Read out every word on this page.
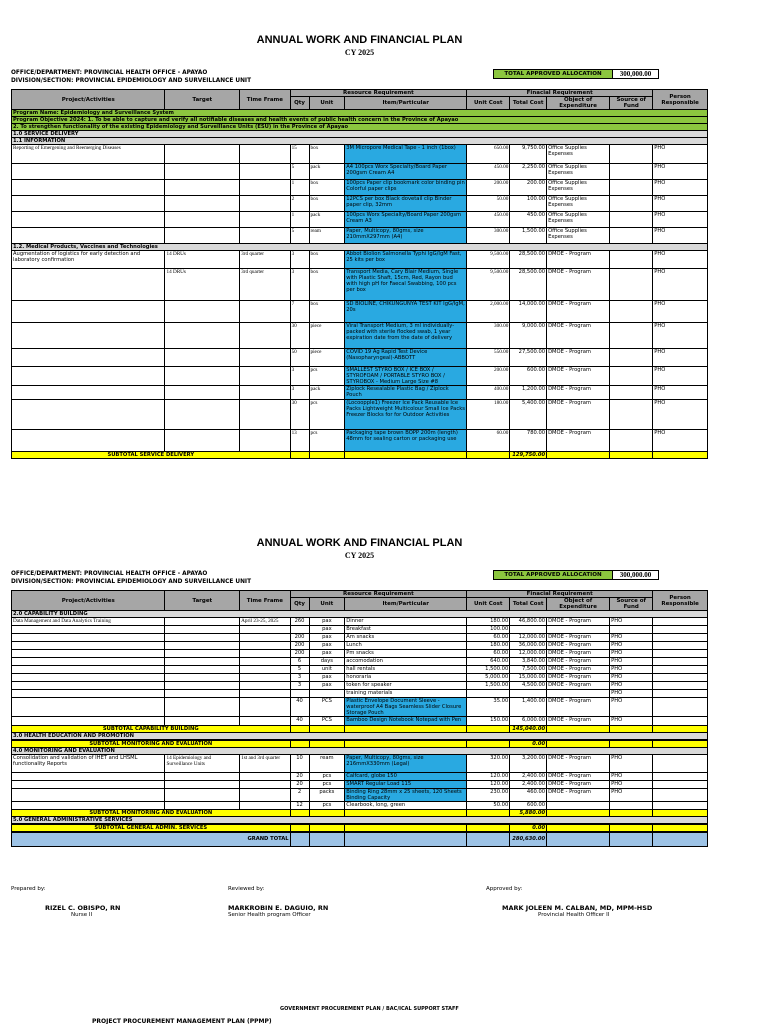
ANNUAL WORK AND FINANCIAL PLAN
CY 2025
OFFICE/DEPARTMENT: PROVINCIAL HEALTH OFFICE - APAYAO	TOTAL APPROVED ALLOCATION	300,000.00
DIVISION/SECTION: PROVINCIAL EPIDEMIOLOGY AND SURVEILLANCE UNIT
Project/Activities	Target	Time Frame	Resource Requirement			Finacial Requirement				Person Responsible
			Qty	Unit	Item/Particular	Unit Cost	Total Cost	Object of Expenditure	Source of Fund	
Program Name: Epidemiology and Surveillance System										
Program Objective 2024: 1. To be able to capture and verify all notifiable diseases and health events of public health concern in the Province of Apayao										
2. To strengthen functionality of the existing Epidemiology and Surveillance Units (ESU) in the Province of Apayao										
1.0 SERVICE DELIVERY										
1.1 INFORMATION										
Reporting of Emergening and Reemerging Diseases			15	box	3M Micropore Medical Tape - 1 inch (1box)	650.00	9,750.00	Office Supplies Expenses		PHO
			5	pack	A4 100pcs Worx Specialty/Board Paper 200gsm Cream A4	450.00	2,250.00	Office Supplies Expenses		PHO
			1	box	100pcs Paper clip bookmark color binding pin Colorful paper clips	200.00	200.00	Office Supplies Expenses		PHO
			2	box	12PCS per box Black dovetail clip Binder paper clip, 32mm	50.00	100.00	Office Supplies Expenses		PHO
			1	pack	100pcs Worx Specialty/Board Paper 200gsm Cream A3	450.00	450.00	Office Supplies Expenses		PHO
			5	ream	Paper, Multicopy, 80gms, size 210mmX297mm (A4)	300.00	1,500.00	Office Supplies Expenses		PHO
1.2. Medical Products, Vaccines and Technologies										
Augmentation of logistics for early detection and laboratory confirmation	14 DRUs	3rd quarter	3	box	Abbot Biolion Salmonella Typhi IgG/IgM Fast, 25 kits per box	9,500.00	28,500.00	DMOE - Program		PHO
	14 DRUs	3rd quarter	3	box	Transport Media, Cary Blair Medium, Single with Plastic Shaft, 15cm, Red, Rayon bud with high pH for Faecal Swabbing, 100 pcs per box	9,500.00	28,500.00	DMOE - Program		PHO
			7	box	SD BIOLINE, CHIKUNGUNYA TEST KIT IgG/IgM, 20s	2,000.00	14,000.00	DMOE - Program		PHO
			30	piece	Viral Transport Medium, 3 ml individually-packed with sterile flocked swab, 1 year expiration date from the date of delivery	300.00	9,000.00	DMOE - Program		PHO
			50	piece	COVID 19 Ag Rapid Test Device (Nasopharyngeal)-ABBOTT	550.00	27,500.00	DMOE - Program		PHO
			3	pcs	SMALLEST STYRO BOX / ICE BOX / STYROFOAM / PORTABLE STYRO BOX / STYROBOX - Medium Large Size #8	200.00	600.00	DMOE - Program		PHO
			3	pack	Ziplock Resealable Plastic Bag / Ziplock Pouch	400.00	1,200.00	DMOE - Program		PHO
			30	pcs	(Locoopple1) Freezer Ice Pack Reusable Ice Packs Lightweight Multicolour Small Ice Packs Freezer Blocks for for Outdoor Activities	180.00	5,400.00	DMOE - Program		PHO
			13	pcs	Packaging tape brown BOPP 200m (length) 48mm for sealing carton or packaging use	60.00	780.00	DMOE - Program		PHO
SUBTOTAL SERVICE DELIVERY							129,750.00			
ANNUAL WORK AND FINANCIAL PLAN
CY 2025
OFFICE/DEPARTMENT: PROVINCIAL HEALTH OFFICE - APAYAO	TOTAL APPROVED ALLOCATION	300,000.00
DIVISION/SECTION: PROVINCIAL EPIDEMIOLOGY AND SURVEILLANCE UNIT
Project/Activities	Target	Time Frame	Resource Requirement			Finacial Requirement				Person Responsible
			Qty	Unit	Item/Particular	Unit Cost	Total Cost	Object of Expenditure	Source of Fund	
2.0 CAPABILITY BUILDING										
Data Management and Data Analytics Training		April 23-25, 2025	260	pax	Dinner	180.00	46,800.00	DMOE - Program	PHO	
				pax	Breakfast	100.00				
			200	pax	Am snacks	60.00	12,000.00	DMOE - Program	PHO	
			200	pax	Lunch	180.00	36,000.00	DMOE - Program	PHO	
			200	pax	Pm snacks	60.00	12,000.00	DMOE - Program	PHO	
			6	days	accomodation	640.00	3,840.00	DMOE - Program	PHO	
			5	unit	hall rentals	1,500.00	7,500.00	DMOE - Program	PHO	
			3	pax	honoraria	5,000.00	15,000.00	DMOE - Program	PHO	
			3	pax	token for speaker	1,500.00	4,500.00	DMOE - Program	PHO	
					training materials				PHO	
			40	PCS	Plastic Envelope Document Sleeve - waterproof A4 Bags Seamless Slider Closure Storage Pouch	35.00	1,400.00	DMOE - Program	PHO	
			40	PCS	Bamboo Design Notebook Notepad with Pen	150.00	6,000.00	DMOE - Program	PHO	
SUBTOTAL CAPABILITY BUILDING							145,040.00			
3.0 HEALTH EDUCATION AND PROMOTION										

SUBTOTAL MONITORING AND EVALUATION							0.00			
4.0 MONITORING AND EVALUATION										
Consolidation and validation of IHET and LHSML functionality Reports	14 Epidemiology and Surveillance Units	1st and 3rd quarter	10	ream	Paper, Multicopy, 80gms, size 216mmX330mm (Legal)	320.00	3,200.00	DMOE - Program	PHO	
			20	pcs	Calfcard, globe 150	120.00	2,400.00	DMOE - Program	PHO	
			20	pcs	SMART Regular Load 115	120.00	2,400.00	DMOE - Program	PHO	
			2	packs	Binding Ring 28mm x 25 sheets, 120 Sheets Binding Capacity	230.00	460.00	DMOE - Program	PHO	
			12	pcs	Clearbook, long, green	50.00	600.00			
SUBTOTAL MONITORING AND EVALUATION							5,880.00			
5.0 GENERAL ADMINISTRATIVE SERVICES										

SUBTOTAL GENERAL ADMIN. SERVICES							0.00			

GRAND TOTAL							280,630.00			
Prepared by:
RIZEL C. OBISPO, RN
Nurse II
Reviewed by:
MARKROBIN E. DAGUIO, RN
Senior Health program Officer
Approved by:
MARK JOLEEN M. CALBAN, MD, MPM-HSD
Provincial Health Officer II
GOVERNMENT PROCUREMENT PLAN / BAC/ICAL SUPPORT STAFF
PROJECT PROCUREMENT MANAGEMENT PLAN (PPMP)
